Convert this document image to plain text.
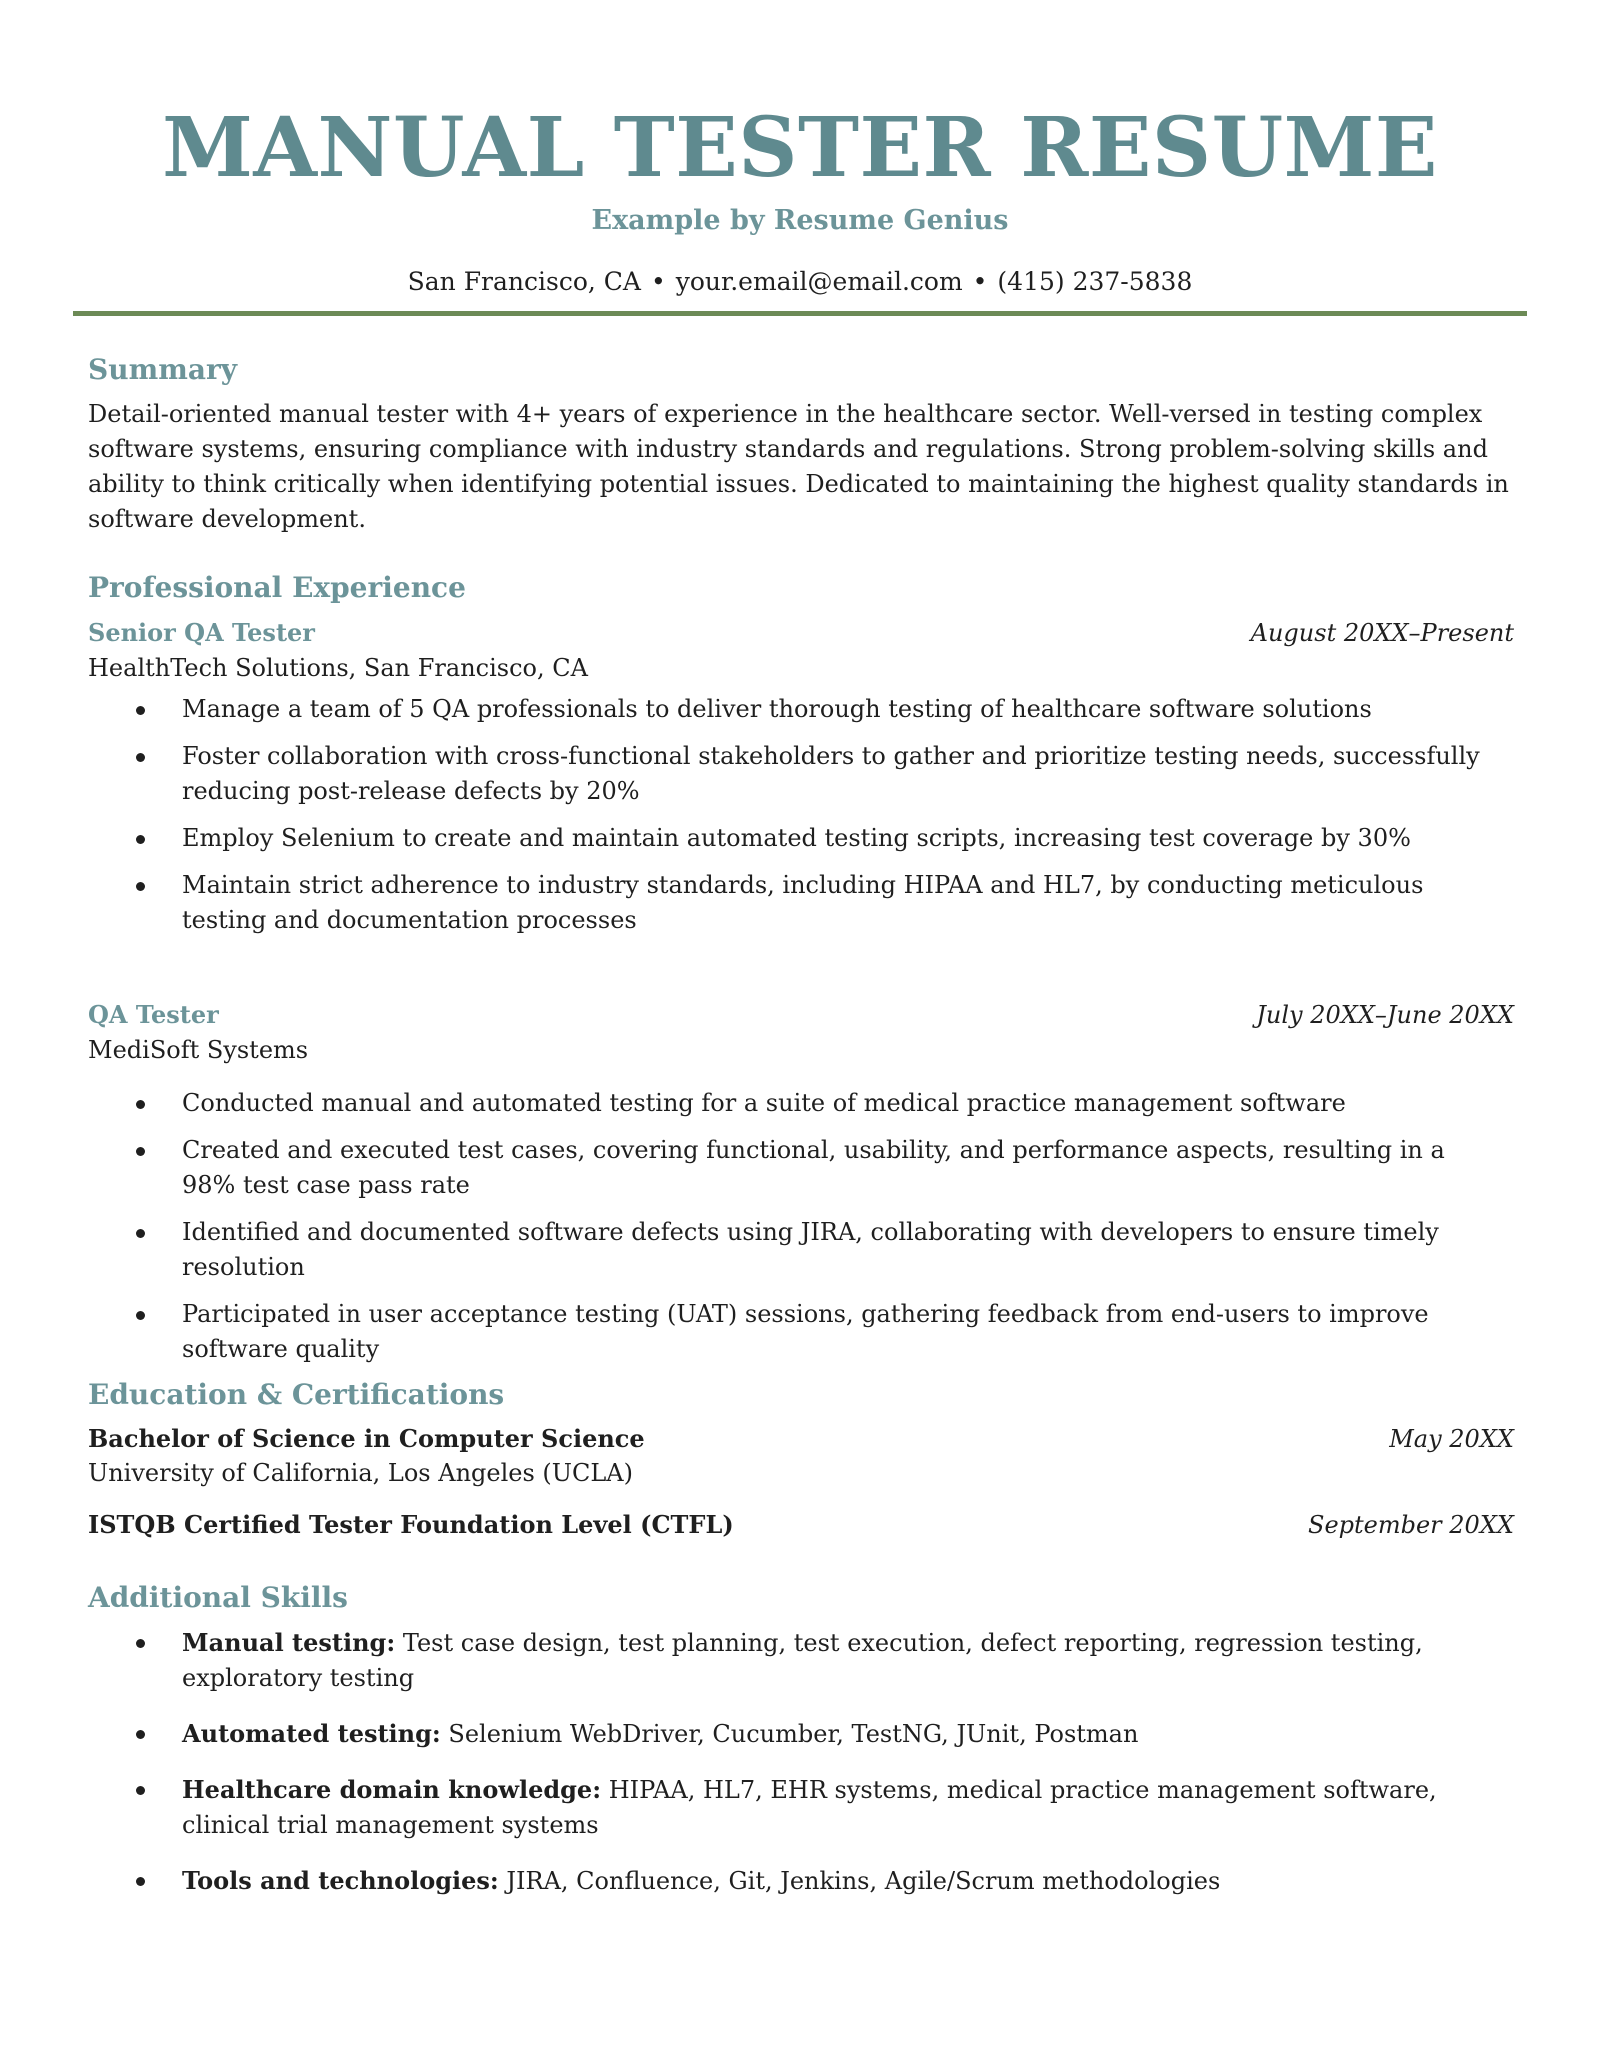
MANUAL TESTER RESUME
Example by Resume Genius
San Francisco, CA • your.email@email.com • (415) 237-5838
Summary
Detail-oriented manual tester with 4+ years of experience in the healthcare sector. Well-versed in testing complex software systems, ensuring compliance with industry standards and regulations. Strong problem-solving skills and ability to think critically when identifying potential issues. Dedicated to maintaining the highest quality standards in software development.
Professional Experience
Senior QA Tester	August 20XX–Present
HealthTech Solutions, San Francisco, CA
Manage a team of 5 QA professionals to deliver thorough testing of healthcare software solutions
Foster collaboration with cross-functional stakeholders to gather and prioritize testing needs, successfully reducing post-release defects by 20%
Employ Selenium to create and maintain automated testing scripts, increasing test coverage by 30%
Maintain strict adherence to industry standards, including HIPAA and HL7, by conducting meticulous testing and documentation processes
QA Tester	July 20XX–June 20XX
MediSoft Systems
Conducted manual and automated testing for a suite of medical practice management software
Created and executed test cases, covering functional, usability, and performance aspects, resulting in a 98% test case pass rate
Identified and documented software defects using JIRA, collaborating with developers to ensure timely resolution
Participated in user acceptance testing (UAT) sessions, gathering feedback from end-users to improve software quality
Education & Certifications
Bachelor of Science in Computer Science	May 20XX
University of California, Los Angeles (UCLA)
ISTQB Certified Tester Foundation Level (CTFL)	September 20XX
Additional Skills
Manual testing: Test case design, test planning, test execution, defect reporting, regression testing, exploratory testing
Automated testing: Selenium WebDriver, Cucumber, TestNG, JUnit, Postman
Healthcare domain knowledge: HIPAA, HL7, EHR systems, medical practice management software, clinical trial management systems
Tools and technologies: JIRA, Confluence, Git, Jenkins, Agile/Scrum methodologies
